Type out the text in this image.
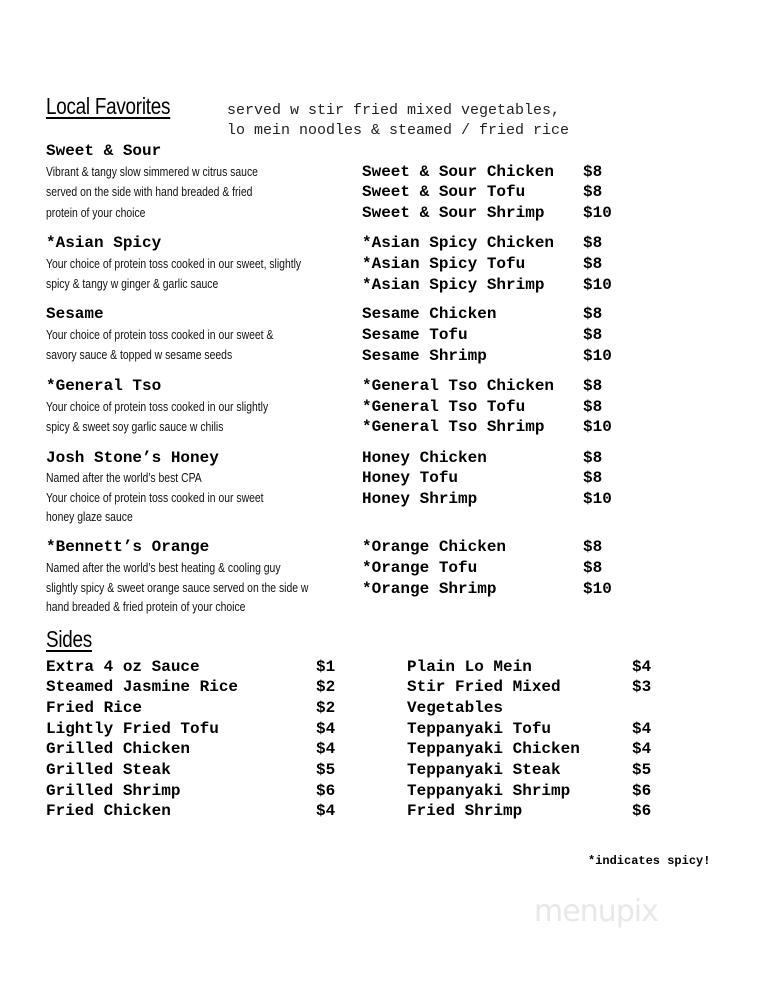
Local Favorites	served w stir fried mixed vegetables,
lo mein noodles & steamed / fried rice
Sweet & Sour
Vibrant & tangy slow simmered w citrus sauce
served on the side with hand breaded & fried
protein of your choice
Sweet & Sour Chicken $8
Sweet & Sour Tofu	$8
Sweet & Sour Shrimp $10
*Asian Spicy
Your choice of protein toss cooked in our sweet, slightly
spicy & tangy w ginger & garlic sauce
*Asian Spicy Chicken $8
*Asian Spicy Tofu	$8
*Asian Spicy Shrimp $10
Sesame
Your choice of protein toss cooked in our sweet &
savory sauce & topped w sesame seeds
Sesame Chicken	$8
Sesame Tofu	$8
Sesame Shrimp	$10
*General Tso
Your choice of protein toss cooked in our slightly
spicy & sweet soy garlic sauce w chilis
*General Tso Chicken $8
*General Tso Tofu	$8
*General Tso Shrimp $10
Josh Stone’s Honey
Named after the world’s best CPA
Your choice of protein toss cooked in our sweet
honey glaze sauce
Honey Chicken	$8
Honey Tofu	$8
Honey Shrimp	$10
*Bennett’s Orange
Named after the world’s best heating & cooling guy
slightly spicy & sweet orange sauce served on the side w
hand breaded & fried protein of your choice
*Orange Chicken	$8
*Orange Tofu	$8
*Orange Shrimp	$10
Sides
Extra 4 oz Sauce	$1
Steamed Jasmine Rice	$2
Fried Rice	$2
Lightly Fried Tofu	$4
Grilled Chicken	$4
Grilled Steak	$5
Grilled Shrimp	$6
Fried Chicken	$4
Plain Lo Mein	$4
Stir Fried Mixed	$3
Vegetables
Teppanyaki Tofu	$4
Teppanyaki Chicken	$4
Teppanyaki Steak	$5
Teppanyaki Shrimp	$6
Fried Shrimp	$6
*indicates spicy!
menupix
